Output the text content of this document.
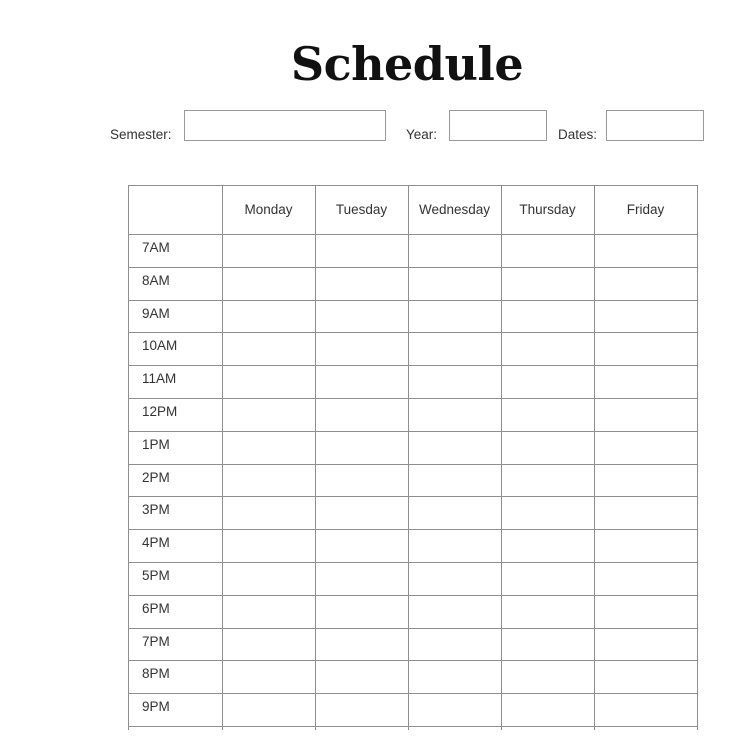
Schedule
Semester:	Year:	Dates:
Monday	Tuesday	Wednesday	Thursday	Friday
7AM
8AM
9AM
10AM
11AM
12PM
1PM
2PM
3PM
4PM
5PM
6PM
7PM
8PM
9PM
